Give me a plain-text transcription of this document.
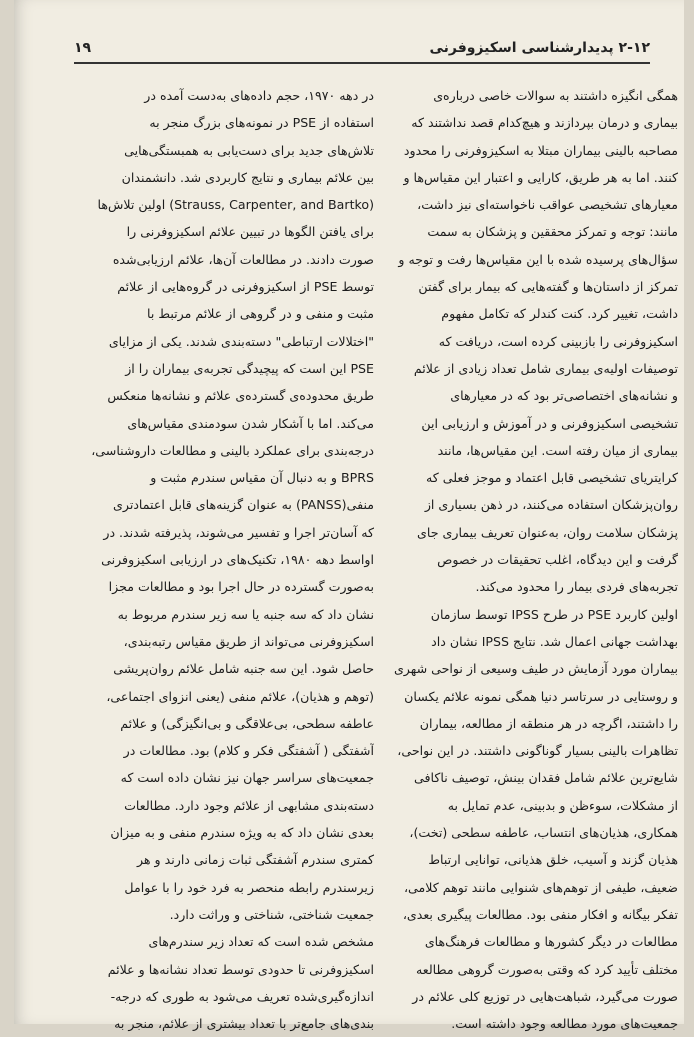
۲-۱۲ پدیدارشناسی اسکیزوفرنی
۱۹
همگی انگیزه داشتند به سوالات خاصی درباره‌ی
بیماری و درمان بپردازند و هیچ‌کدام قصد نداشتند که
مصاحبه بالینی بیماران مبتلا به اسکیزوفرنی را محدود
کنند. اما به هر طریق، کارایی و اعتبار این مقیاس‌ها و
معیارهای تشخیصی عواقب ناخواسته‌ای نیز داشت،
مانند: توجه و تمرکز محققین و پزشکان به سمت
سؤال‌های پرسیده شده با این مقیاس‌ها رفت و توجه و
تمرکز از داستان‌ها و گفته‌هایی که بیمار برای گفتن
داشت، تغییر کرد. کنت کندلر که تکامل مفهوم
اسکیزوفرنی را بازبینی کرده است، دریافت که
توصیفات اولیه‌ی بیماری شامل تعداد زیادی از علائم
و نشانه‌های اختصاصی‌تر بود که در معیارهای
تشخیصی اسکیزوفرنی و در آموزش و ارزیابی این
بیماری از میان رفته است. این مقیاس‌ها، مانند
کرایتریای تشخیصی قابل اعتماد و موجز فعلی که
روان‌پزشکان استفاده می‌کنند، در ذهن بسیاری از
پزشکان سلامت روان، به‌عنوان تعریف بیماری جای
گرفت و این دیدگاه، اغلب تحقیقات در خصوص
تجربه‌های فردی بیمار را محدود می‌کند.
اولین کاربرد PSE در طرح IPSS توسط سازمان
بهداشت جهانی اعمال شد. نتایج IPSS نشان داد
بیماران مورد آزمایش در طیف وسیعی از نواحی شهری
و روستایی در سرتاسر دنیا همگی نمونه علائم یکسان
را داشتند، اگرچه در هر منطقه از مطالعه، بیماران
تظاهرات بالینی بسیار گوناگونی داشتند. در این نواحی،
شایع‌ترین علائم شامل فقدان بینش، توصیف ناکافی
از مشکلات، سوءظن و بدبینی، عدم تمایل به
همکاری، هذیان‌های انتساب، عاطفه سطحی (تخت)،
هذیان گزند و آسیب، خلق هذیانی، توانایی ارتباط
ضعیف، طیفی از توهم‌های شنوایی مانند توهم کلامی،
تفکر بیگانه و افکار منفی بود. مطالعات پیگیری بعدی،
مطالعات در دیگر کشورها و مطالعات فرهنگ‌های
مختلف تأیید کرد که وقتی به‌صورت گروهی مطالعه
صورت می‌گیرد، شباهت‌هایی در توزیع کلی علائم در
جمعیت‌های مورد مطالعه وجود داشته است.
در دهه ۱۹۷۰، حجم داده‌های به‌دست آمده در
استفاده از PSE در نمونه‌های بزرگ منجر به
تلاش‌های جدید برای دست‌یابی به همبستگی‌هایی
بین علائم بیماری و نتایج کاربردی شد. دانشمندان
(Strauss, Carpenter, and Bartko) اولین تلاش‌ها
برای یافتن الگوها در تبیین علائم اسکیزوفرنی را
صورت دادند. در مطالعات آن‌ها، علائم ارزیابی‌شده
توسط PSE از اسکیزوفرنی در گروه‌هایی از علائم
مثبت و منفی و در گروهی از علائم مرتبط با
"اختلالات ارتباطی" دسته‌بندی شدند. یکی از مزایای
PSE این است که پیچیدگی تجربه‌ی بیماران را از
طریق محدوده‌ی گسترده‌ی علائم و نشانه‌ها منعکس
می‌کند. اما با آشکار شدن سودمندی مقیاس‌های
درجه‌بندی برای عملکرد بالینی و مطالعات داروشناسی،
BPRS و به دنبال آن مقیاس سندرم مثبت و
منفی(PANSS) به عنوان گزینه‌های قابل اعتمادتری
که آسان‌تر اجرا و تفسیر می‌شوند، پذیرفته شدند. در
اواسط دهه ۱۹۸۰، تکنیک‌های در ارزیابی اسکیزوفرنی
به‌صورت گسترده در حال اجرا بود و مطالعات مجزا
نشان داد که سه جنبه یا سه زیر سندرم مربوط به
اسکیزوفرنی می‌تواند از طریق مقیاس رتبه‌بندی،
حاصل شود. این سه جنبه شامل علائم روان‌پریشی
(توهم و هذیان)، علائم منفی (یعنی انزوای اجتماعی،
عاطفه سطحی، بی‌علاقگی و بی‌انگیزگی) و علائم
آشفتگی ( آشفتگی فکر و کلام) بود. مطالعات در
جمعیت‌های سراسر جهان نیز نشان داده است که
دسته‌بندی مشابهی از علائم وجود دارد. مطالعات
بعدی نشان داد که به ویژه سندرم منفی و به میزان
کمتری سندرم آشفتگی ثبات زمانی دارند و هر
زیرسندرم رابطه منحصر به فرد خود را با عوامل
جمعیت شناختی، شناختی و وراثت دارد.
مشخص شده است که تعداد زیر سندرم‌های
اسکیزوفرنی تا حدودی توسط تعداد نشانه‌ها و علائم
اندازه‌گیری‌شده تعریف می‌شود به طوری که درجه-
بندی‌های جامع‌تر با تعداد بیشتری از علائم، منجر به
